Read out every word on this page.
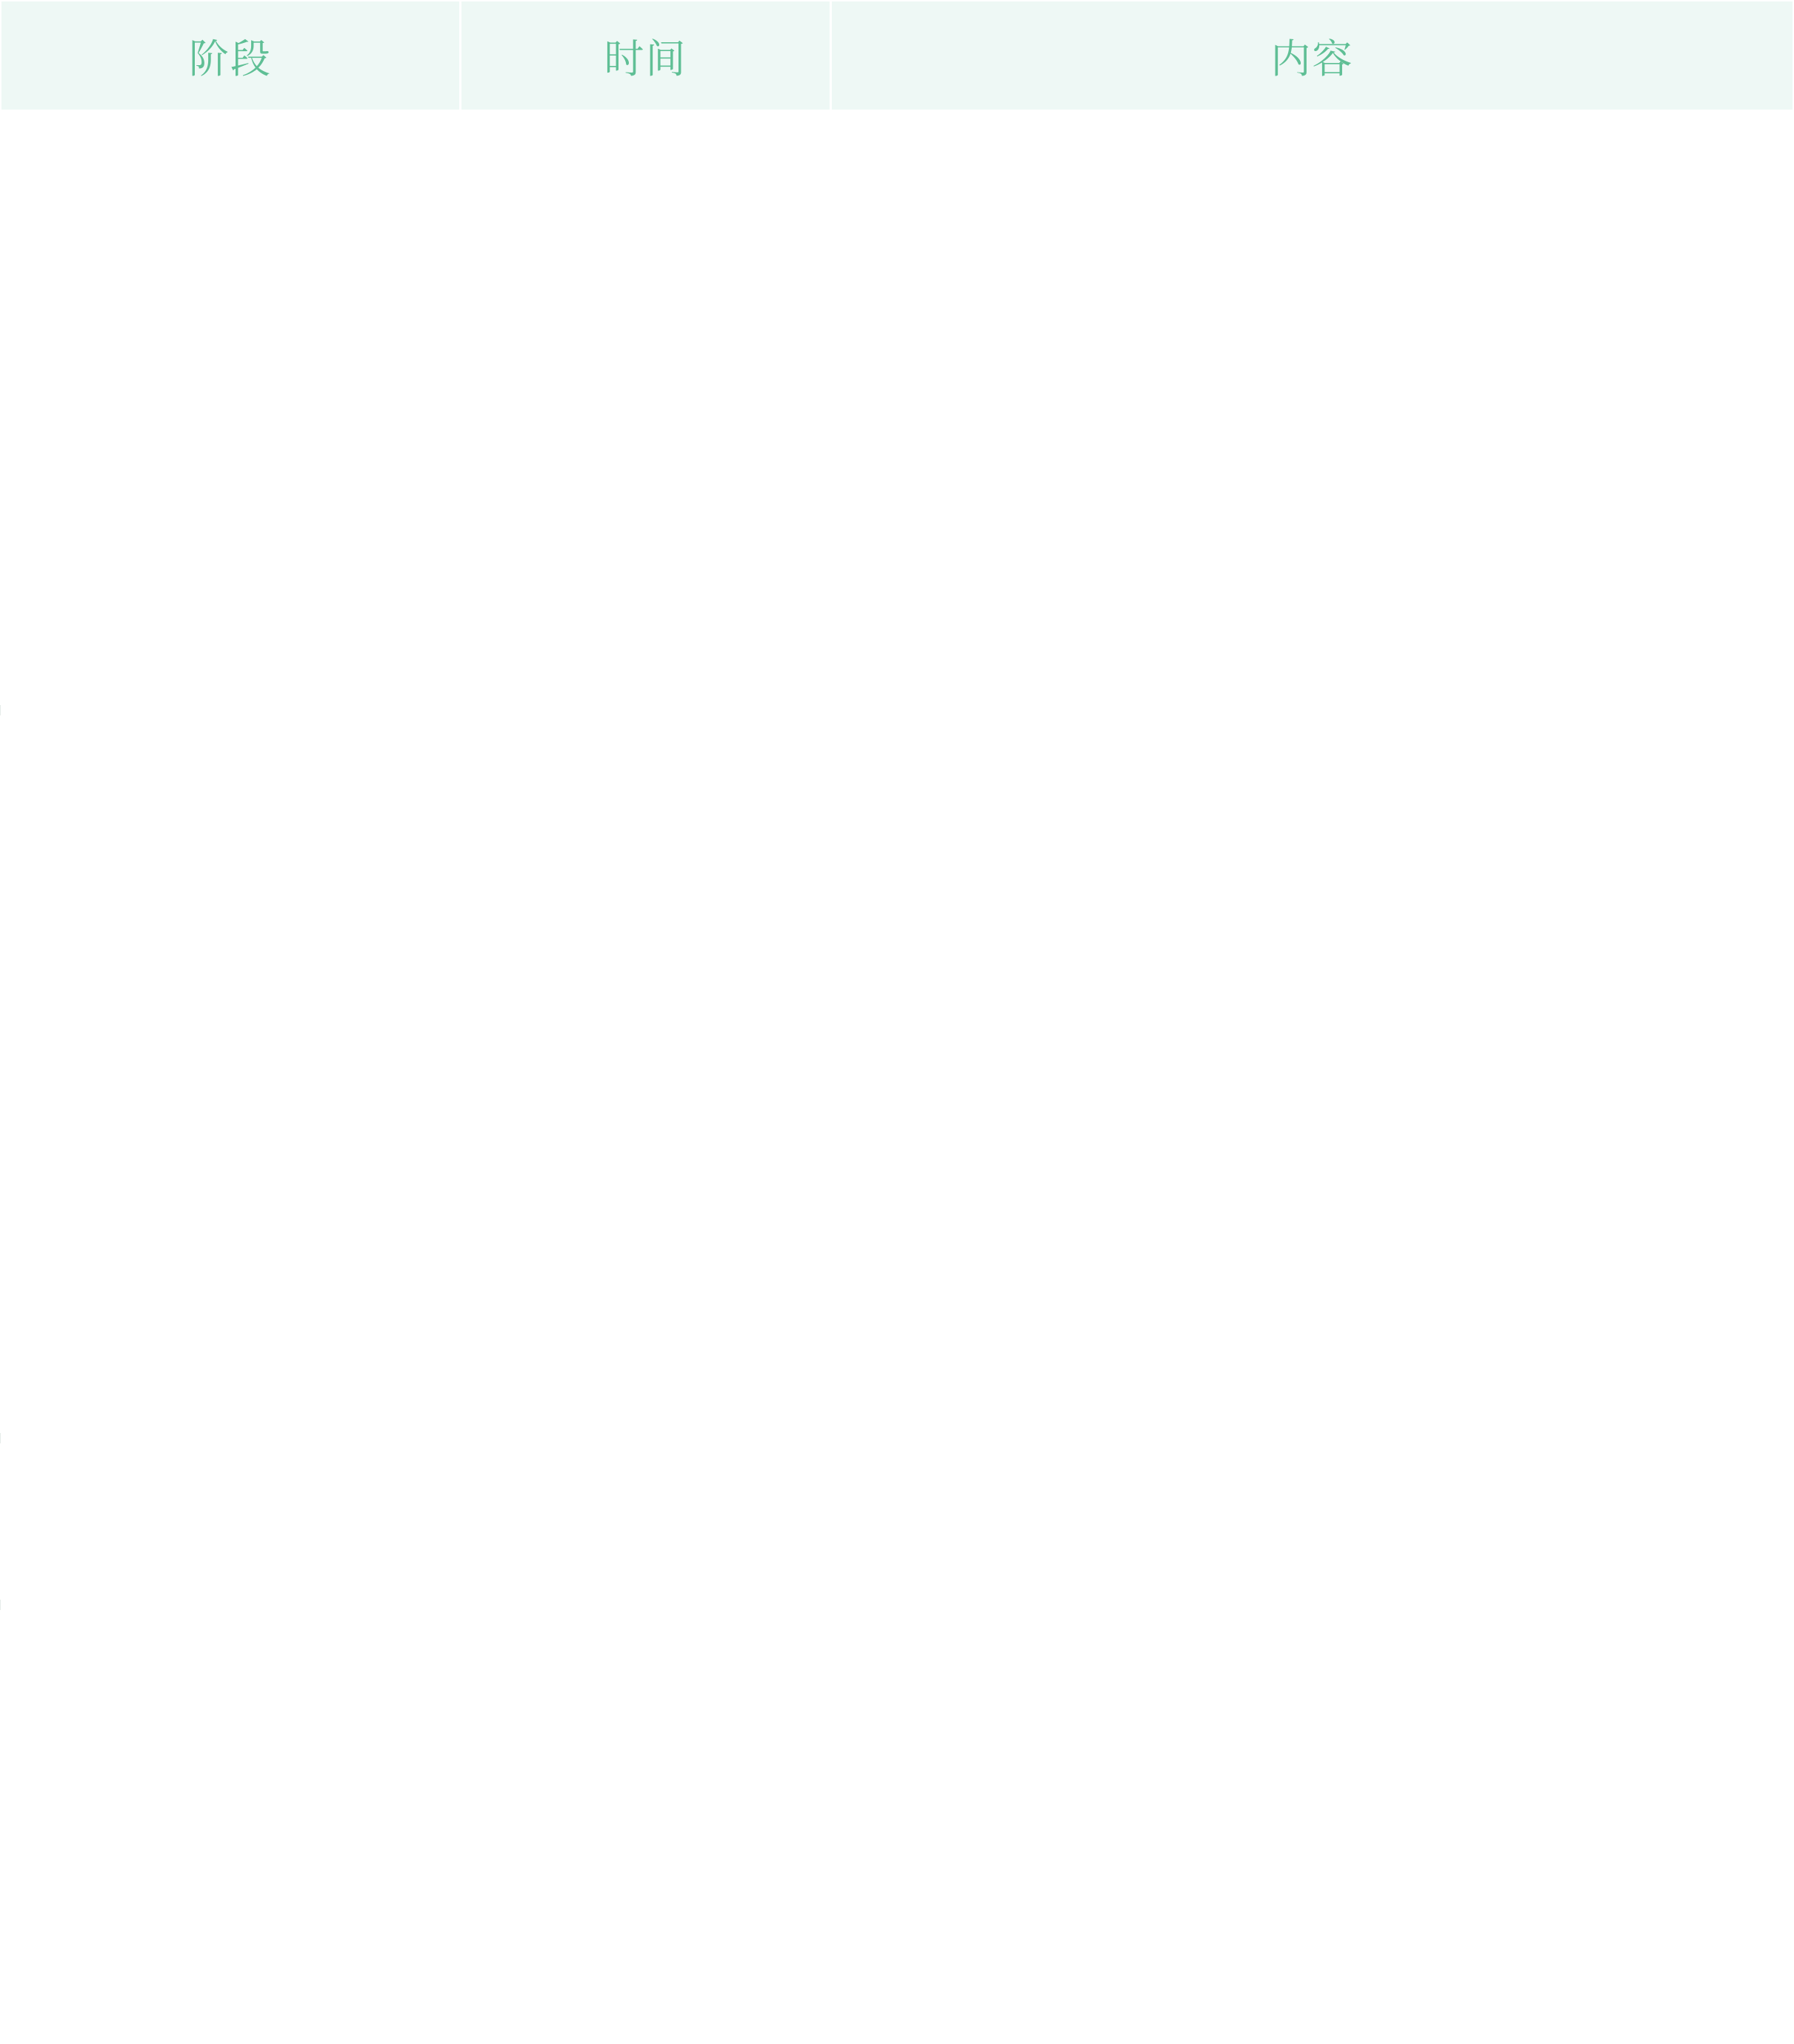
阶段	时间	内容
